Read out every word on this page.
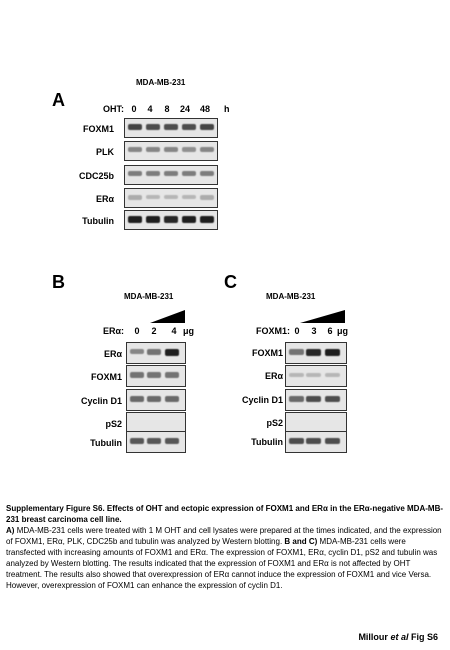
MDA-MB-231
A	OHT: 0	4	8	24 48 h
FOXM1
PLK
CDC25b
ERα
Tubulin
B
MDA-MB-231
ERα:	0	2	4 μg
ERα
FOXM1
Cyclin D1
pS2
Tubulin
C
MDA-MB-231
FOXM1: 0	3	6 μg
FOXM1
ERα
Cyclin D1
pS2
Tubulin
Supplementary Figure S6. Effects of OHT and ectopic expression of FOXM1 and ERα in the ERα-negative MDA-MB-231 breast carcinoma cell line.
A) MDA-MB-231 cells were treated with 1 M OHT and cell lysates were prepared at the times indicated, and the expression of FOXM1, ERα, PLK, CDC25b and tubulin was analyzed by Western blotting. B and C) MDA-MB-231 cells were transfected with increasing amounts of FOXM1 and ERα. The expression of FOXM1, ERα, cyclin D1, pS2 and tubulin was analyzed by Western blotting. The results indicated that the expression of FOXM1 and ERα is not affected by OHT treatment. The results also showed that overexpression of ERα cannot induce the expression of FOXM1 and vice Versa. However, overexpression of FOXM1 can enhance the expression of cyclin D1.
Millour et al Fig S6
